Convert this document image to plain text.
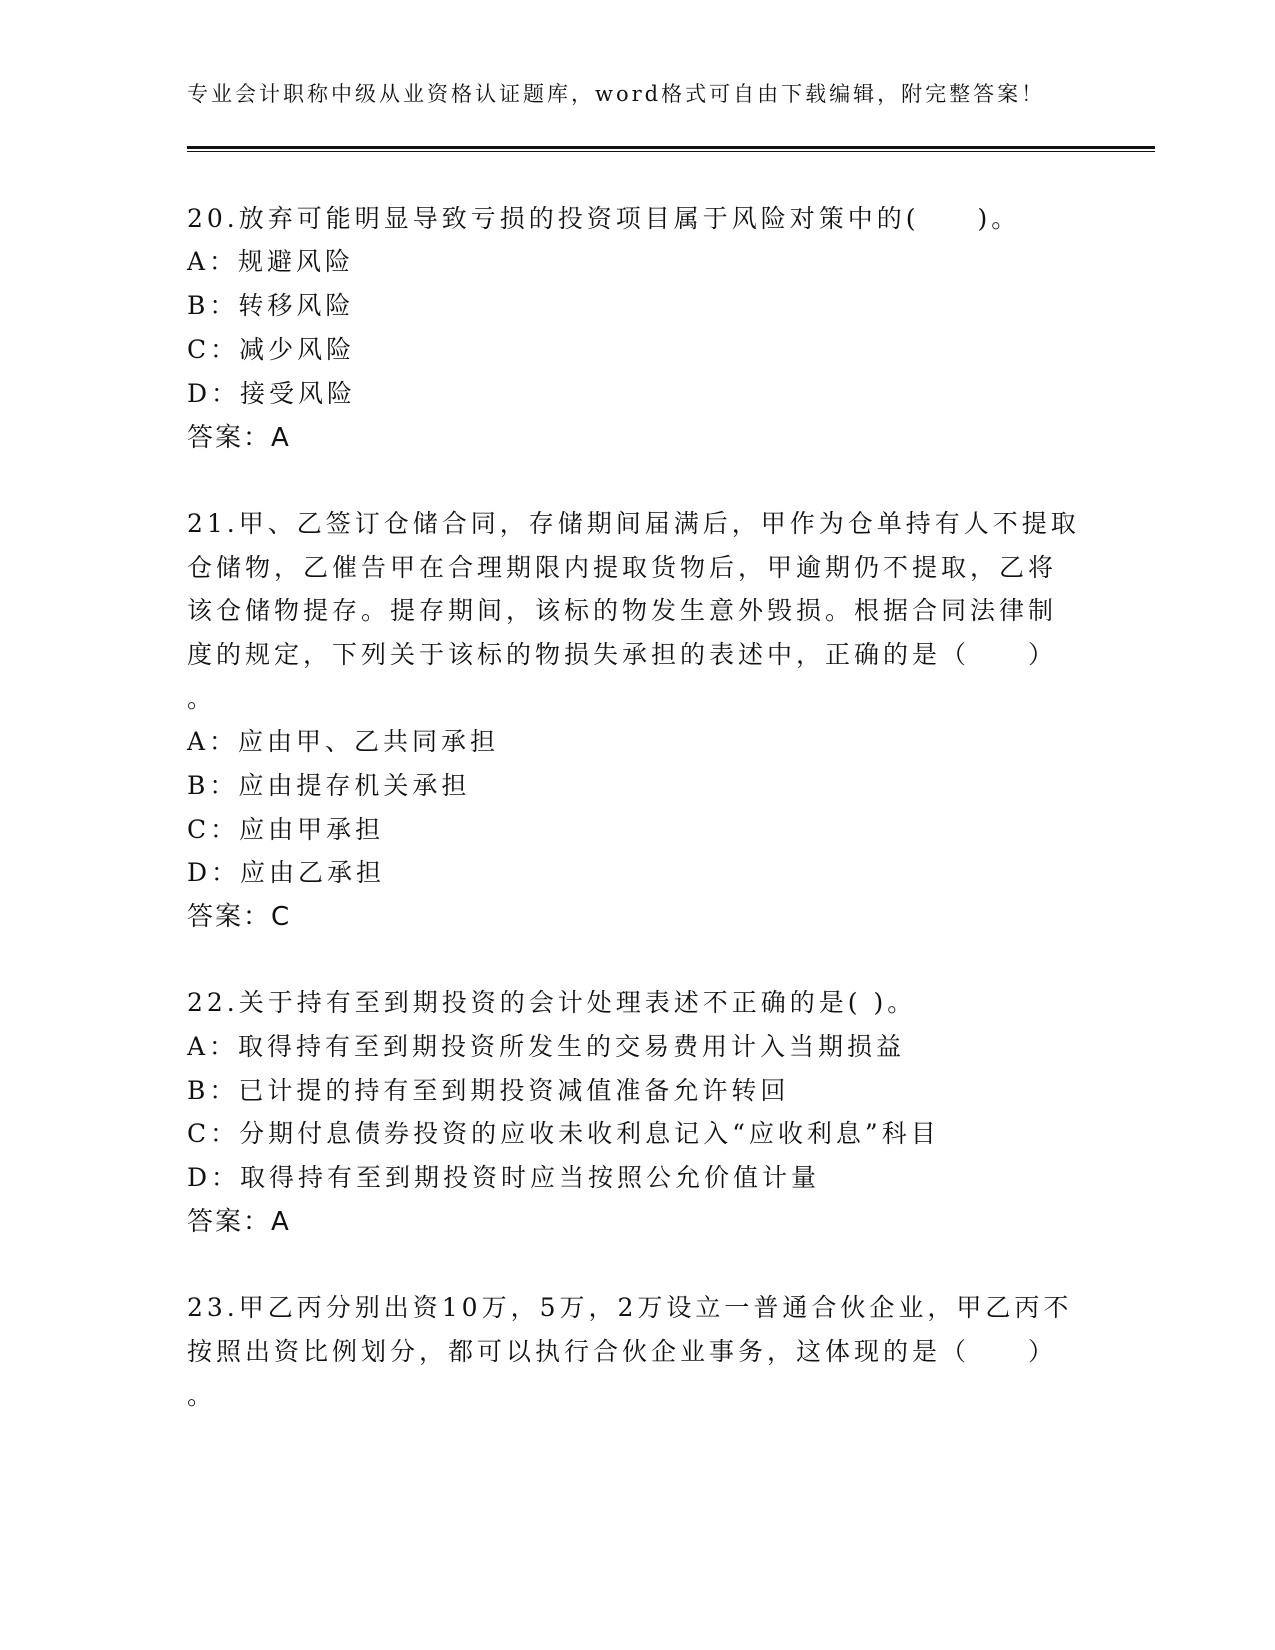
专业会计职称中级从业资格认证题库，word格式可自由下载编辑，附完整答案！
20.放弃可能明显导致亏损的投资项目属于风险对策中的(　　)。
A：规避风险
B：转移风险
C：减少风险
D：接受风险
答案：A
21.甲、乙签订仓储合同，存储期间届满后，甲作为仓单持有人不提取
仓储物，乙催告甲在合理期限内提取货物后，甲逾期仍不提取，乙将
该仓储物提存。提存期间，该标的物发生意外毁损。根据合同法律制
度的规定，下列关于该标的物损失承担的表述中，正确的是（　　）
。
A：应由甲、乙共同承担
B：应由提存机关承担
C：应由甲承担
D：应由乙承担
答案：C
22.关于持有至到期投资的会计处理表述不正确的是( )。
A：取得持有至到期投资所发生的交易费用计入当期损益
B：已计提的持有至到期投资减值准备允许转回
C：分期付息债券投资的应收未收利息记入“应收利息”科目
D：取得持有至到期投资时应当按照公允价值计量
答案：A
23.甲乙丙分别出资10万，5万，2万设立一普通合伙企业，甲乙丙不
按照出资比例划分，都可以执行合伙企业事务，这体现的是（　　）
。
